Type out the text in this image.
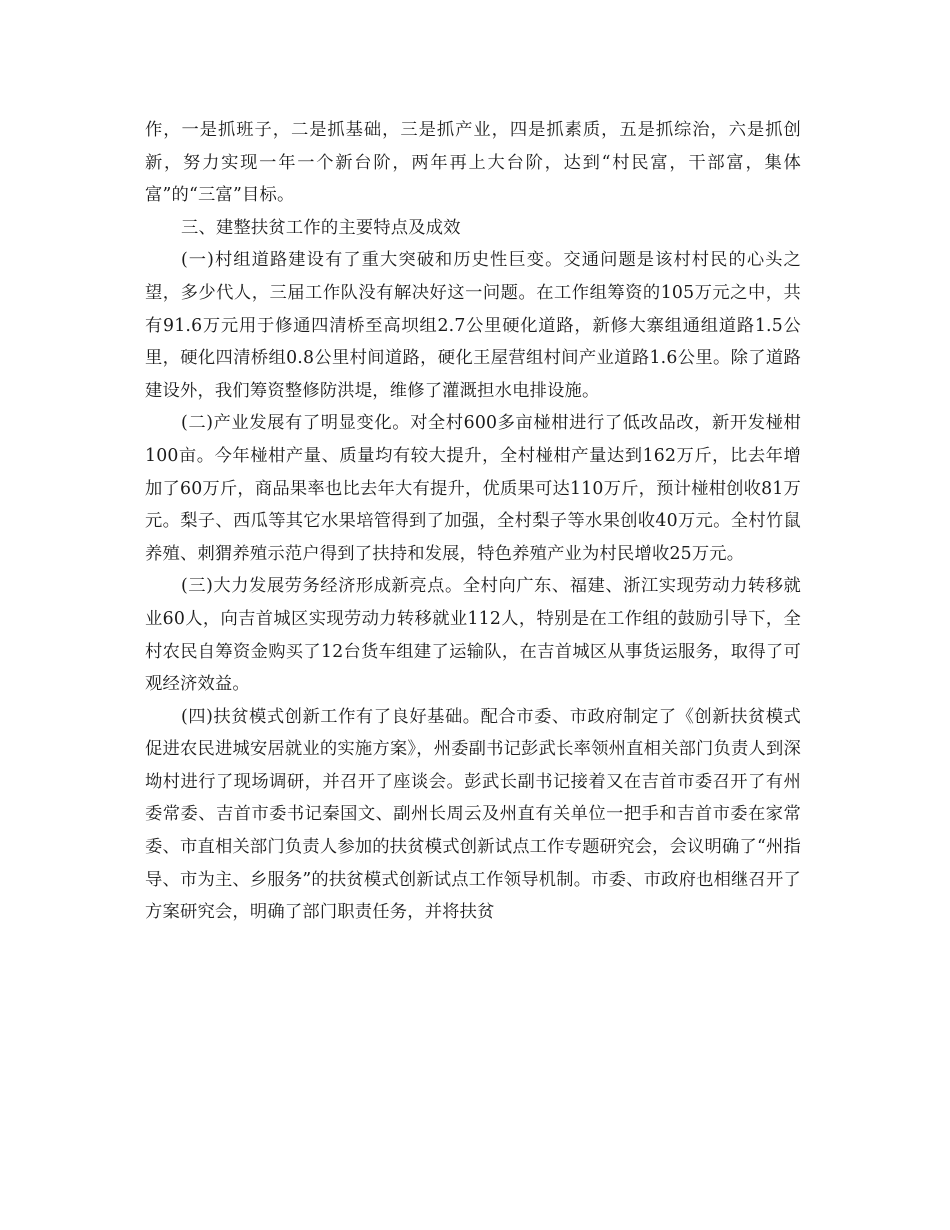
作，一是抓班子，二是抓基础，三是抓产业，四是抓素质，五是抓综治，六是抓创新，努力实现一年一个新台阶，两年再上大台阶，达到“村民富，干部富，集体富”的“三富”目标。

三、建整扶贫工作的主要特点及成效

(一)村组道路建设有了重大突破和历史性巨变。交通问题是该村村民的心头之望，多少代人，三届工作队没有解决好这一问题。在工作组筹资的105万元之中，共有91.6万元用于修通四清桥至高坝组2.7公里硬化道路，新修大寨组通组道路1.5公里，硬化四清桥组0.8公里村间道路，硬化王屋营组村间产业道路1.6公里。除了道路建设外，我们筹资整修防洪堤，维修了灌溉担水电排设施。

(二)产业发展有了明显变化。对全村600多亩椪柑进行了低改品改，新开发椪柑100亩。今年椪柑产量、质量均有较大提升，全村椪柑产量达到162万斤，比去年增加了60万斤，商品果率也比去年大有提升，优质果可达110万斤，预计椪柑创收81万元。梨子、西瓜等其它水果培管得到了加强，全村梨子等水果创收40万元。全村竹鼠养殖、刺猬养殖示范户得到了扶持和发展，特色养殖产业为村民增收25万元。

(三)大力发展劳务经济形成新亮点。全村向广东、福建、浙江实现劳动力转移就业60人，向吉首城区实现劳动力转移就业112人，特别是在工作组的鼓励引导下，全村农民自筹资金购买了12台货车组建了运输队，在吉首城区从事货运服务，取得了可观经济效益。

(四)扶贫模式创新工作有了良好基础。配合市委、市政府制定了《创新扶贫模式促进农民进城安居就业的实施方案》，州委副书记彭武长率领州直相关部门负责人到深坳村进行了现场调研，并召开了座谈会。彭武长副书记接着又在吉首市委召开了有州委常委、吉首市委书记秦国文、副州长周云及州直有关单位一把手和吉首市委在家常委、市直相关部门负责人参加的扶贫模式创新试点工作专题研究会，会议明确了“州指导、市为主、乡服务”的扶贫模式创新试点工作领导机制。市委、市政府也相继召开了方案研究会，明确了部门职责任务，并将扶贫
